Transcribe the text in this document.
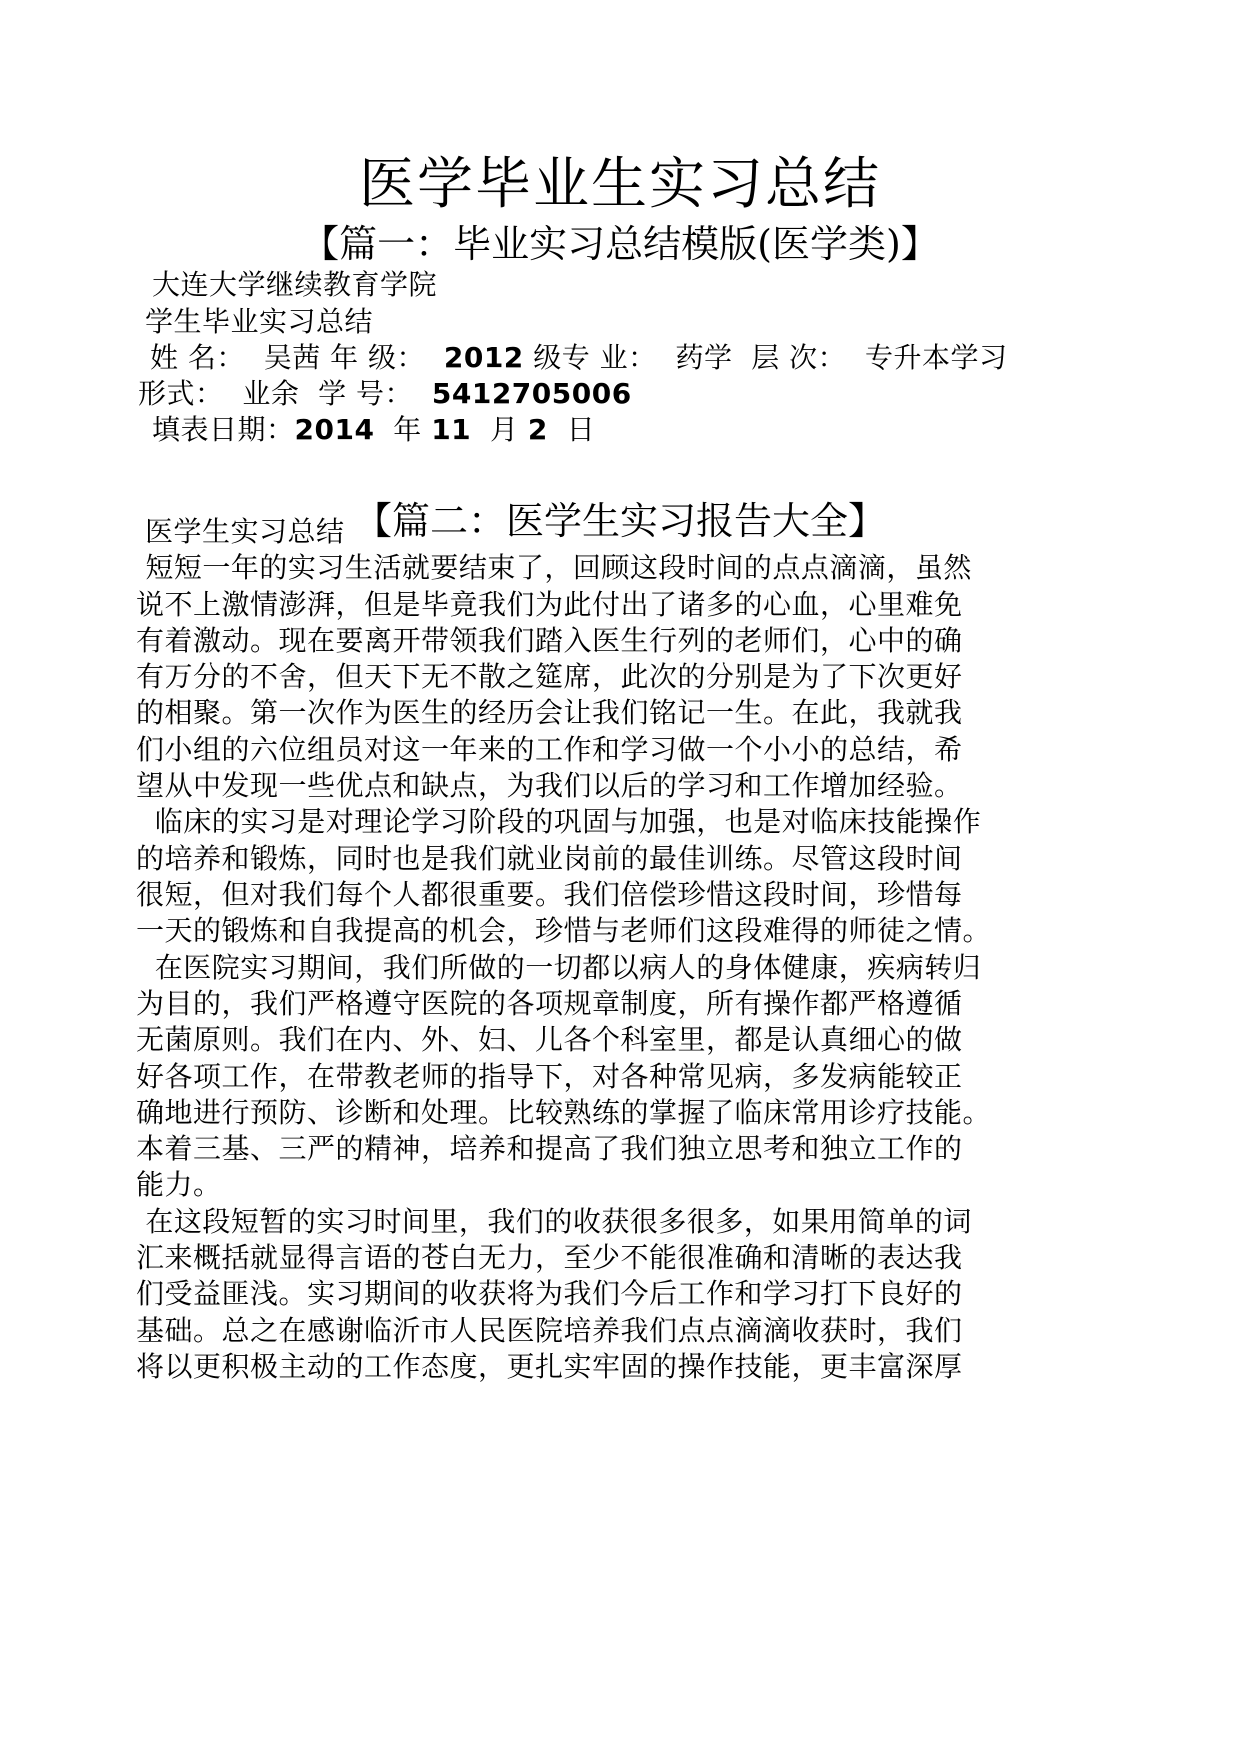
医学毕业生实习总结
【篇一：毕业实习总结模版(医学类)】
大连大学继续教育学院
学生毕业实习总结
姓 名： 吴茜 年 级： 2012 级专 业： 药学 层 次： 专升本学习
形式： 业余 学 号： 5412705006
填表日期：2014 年 11 月 2 日
【篇二：医学生实习报告大全】
医学生实习总结
短短一年的实习生活就要结束了，回顾这段时间的点点滴滴，虽然
说不上激情澎湃，但是毕竟我们为此付出了诸多的心血，心里难免
有着激动。现在要离开带领我们踏入医生行列的老师们，心中的确
有万分的不舍，但天下无不散之筵席，此次的分别是为了下次更好
的相聚。第一次作为医生的经历会让我们铭记一生。在此，我就我
们小组的六位组员对这一年来的工作和学习做一个小小的总结，希
望从中发现一些优点和缺点，为我们以后的学习和工作增加经验。
临床的实习是对理论学习阶段的巩固与加强，也是对临床技能操作
的培养和锻炼，同时也是我们就业岗前的最佳训练。尽管这段时间
很短，但对我们每个人都很重要。我们倍偿珍惜这段时间，珍惜每
一天的锻炼和自我提高的机会，珍惜与老师们这段难得的师徒之情。
在医院实习期间，我们所做的一切都以病人的身体健康，疾病转归
为目的，我们严格遵守医院的各项规章制度，所有操作都严格遵循
无菌原则。我们在内、外、妇、儿各个科室里，都是认真细心的做
好各项工作，在带教老师的指导下，对各种常见病，多发病能较正
确地进行预防、诊断和处理。比较熟练的掌握了临床常用诊疗技能。
本着三基、三严的精神，培养和提高了我们独立思考和独立工作的
能力。
在这段短暂的实习时间里，我们的收获很多很多，如果用简单的词
汇来概括就显得言语的苍白无力，至少不能很准确和清晰的表达我
们受益匪浅。实习期间的收获将为我们今后工作和学习打下良好的
基础。总之在感谢临沂市人民医院培养我们点点滴滴收获时，我们
将以更积极主动的工作态度，更扎实牢固的操作技能，更丰富深厚
